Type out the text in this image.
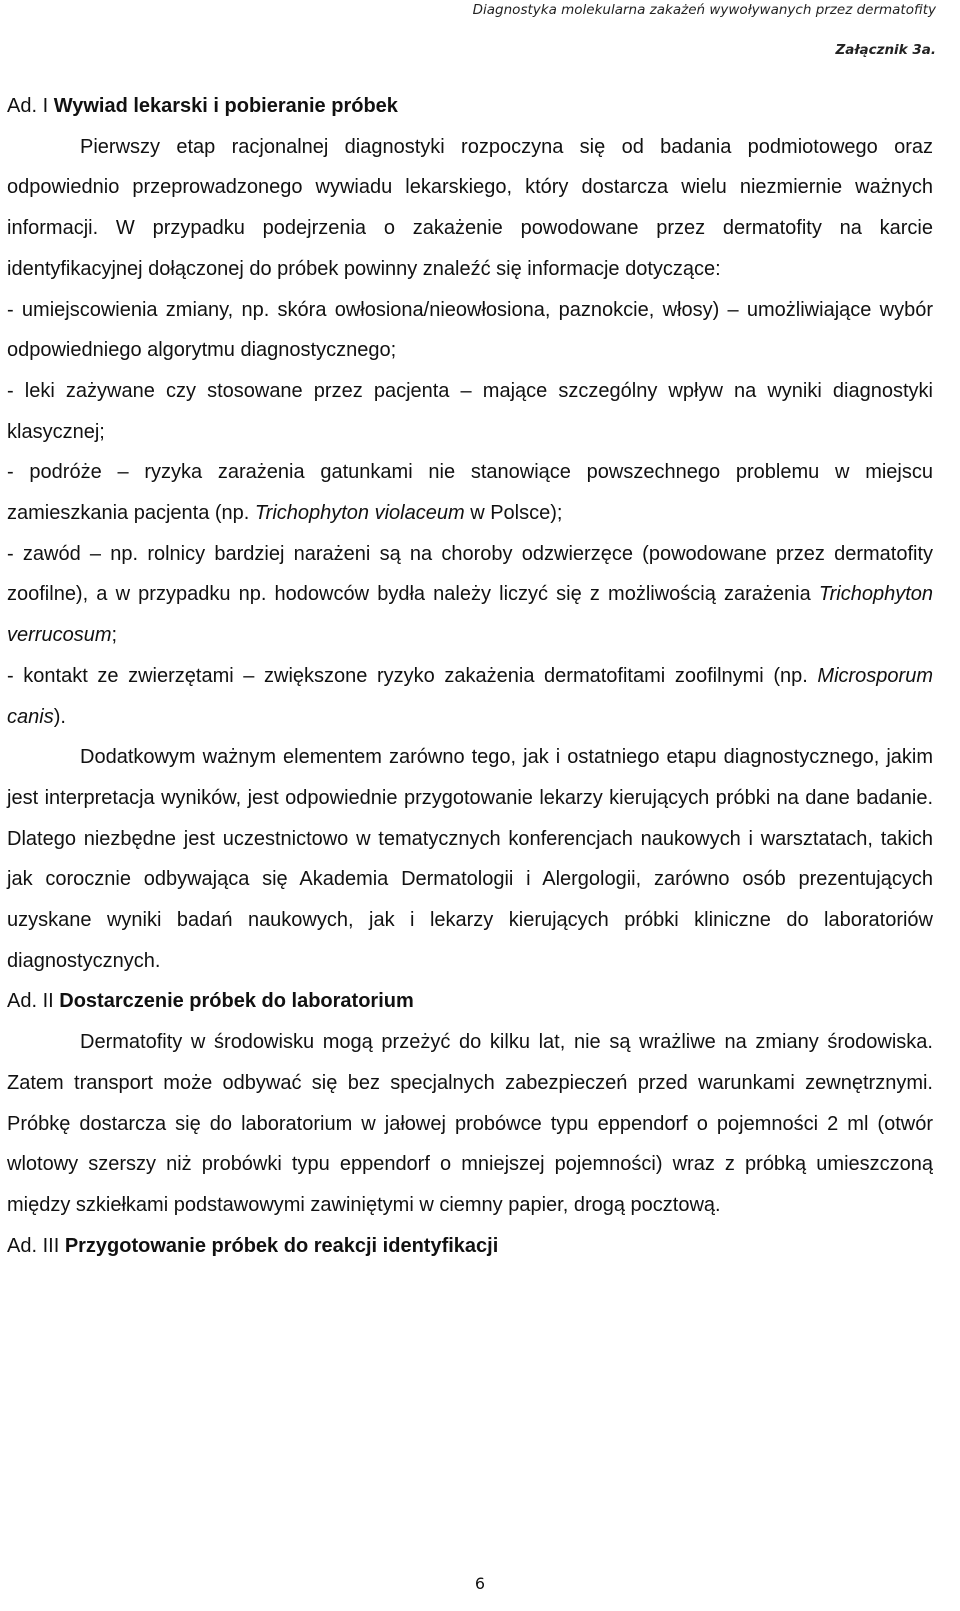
Diagnostyka molekularna zakażeń wywoływanych przez dermatofity
Załącznik 3a.

Ad. I Wywiad lekarski i pobieranie próbek

Pierwszy etap racjonalnej diagnostyki rozpoczyna się od badania podmiotowego oraz odpowiednio przeprowadzonego wywiadu lekarskiego, który dostarcza wielu niezmiernie ważnych informacji. W przypadku podejrzenia o zakażenie powodowane przez dermatofity na karcie identyfikacyjnej dołączonej do próbek powinny znaleźć się informacje dotyczące:

- umiejscowienia zmiany, np. skóra owłosiona/nieowłosiona, paznokcie, włosy) – umożliwiające wybór odpowiedniego algorytmu diagnostycznego;

- leki zażywane czy stosowane przez pacjenta – mające szczególny wpływ na wyniki diagnostyki klasycznej;

- podróże – ryzyka zarażenia gatunkami nie stanowiące powszechnego problemu w miejscu zamieszkania pacjenta (np. Trichophyton violaceum w Polsce);

- zawód – np. rolnicy bardziej narażeni są na choroby odzwierzęce (powodowane przez dermatofity zoofilne), a w przypadku np. hodowców bydła należy liczyć się z możliwością zarażenia Trichophyton verrucosum;

- kontakt ze zwierzętami – zwiększone ryzyko zakażenia dermatofitami zoofilnymi (np. Microsporum canis).

Dodatkowym ważnym elementem zarówno tego, jak i ostatniego etapu diagnostycznego, jakim jest interpretacja wyników, jest odpowiednie przygotowanie lekarzy kierujących próbki na dane badanie. Dlatego niezbędne jest uczestnictowo w tematycznych konferencjach naukowych i warsztatach, takich jak corocznie odbywająca się Akademia Dermatologii i Alergologii, zarówno osób prezentujących uzyskane wyniki badań naukowych, jak i lekarzy kierujących próbki kliniczne do laboratoriów diagnostycznych.

Ad. II Dostarczenie próbek do laboratorium

Dermatofity w środowisku mogą przeżyć do kilku lat, nie są wrażliwe na zmiany środowiska. Zatem transport może odbywać się bez specjalnych zabezpieczeń przed warunkami zewnętrznymi. Próbkę dostarcza się do laboratorium w jałowej probówce typu eppendorf o pojemności 2 ml (otwór wlotowy szerszy niż probówki typu eppendorf o mniejszej pojemności) wraz z próbką umieszczoną między szkiełkami podstawowymi zawiniętymi w ciemny papier, drogą pocztową.

Ad. III Przygotowanie próbek do reakcji identyfikacji

6
